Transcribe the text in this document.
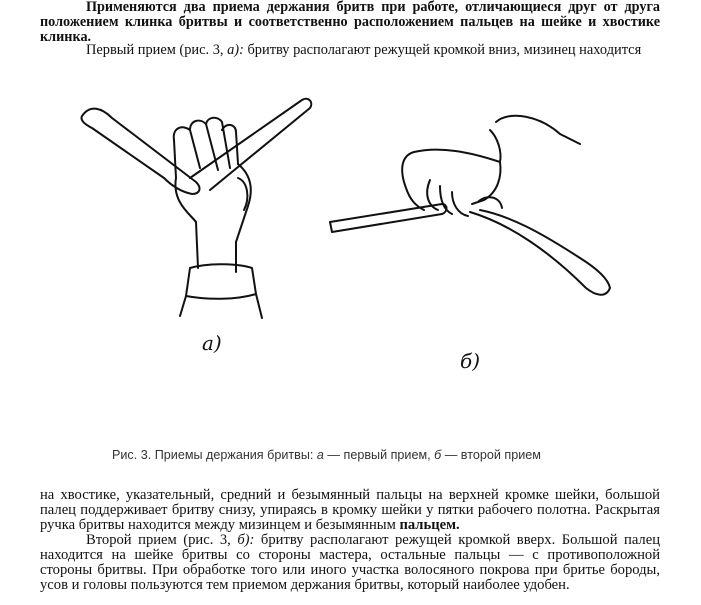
Применяются два приема держания бритв при работе, отличающиеся друг от друга положением клинка бритвы и соответственно расположением пальцев на шейке и хвостике клинка.

Первый прием (рис. 3, а): бритву располагают режущей кромкой вниз, мизинец находится

а)
б)
Рис. 3. Приемы держания бритвы: а — первый прием, б — второй прием

на хвостике, указательный, средний и безымянный пальцы на верхней кромке шейки, большой палец поддерживает бритву снизу, упираясь в кромку шейки у пятки рабочего полотна. Раскрытая ручка бритвы находится между мизинцем и безымянным пальцем.

Второй прием (рис. 3, б): бритву располагают режущей кромкой вверх. Большой палец находится на шейке бритвы со стороны мастера, остальные пальцы — с противоположной стороны бритвы. При обработке того или иного участка волосяного покрова при бритье бороды, усов и головы пользуются тем приемом держания бритвы, который наиболее удобен.
